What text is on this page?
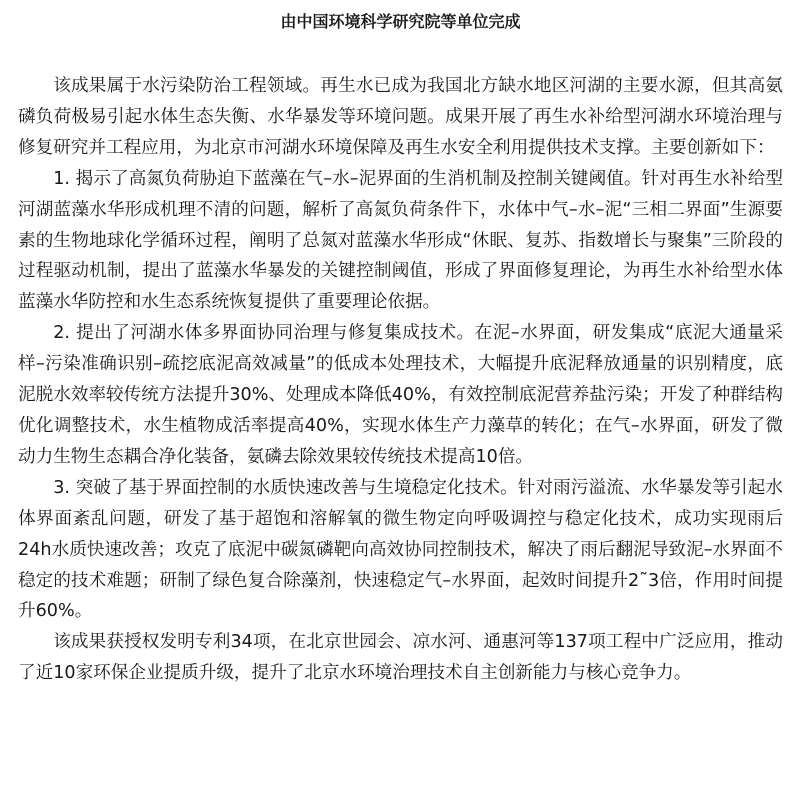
由中国环境科学研究院等单位完成

该成果属于水污染防治工程领域。再生水已成为我国北方缺水地区河湖的主要水源，但其高氨磷负荷极易引起水体生态失衡、水华暴发等环境问题。成果开展了再生水补给型河湖水环境治理与修复研究并工程应用，为北京市河湖水环境保障及再生水安全利用提供技术支撑。主要创新如下：

1. 揭示了高氮负荷胁迫下蓝藻在气–水–泥界面的生消机制及控制关键阈值。针对再生水补给型河湖蓝藻水华形成机理不清的问题，解析了高氮负荷条件下，水体中气–水–泥“三相二界面”生源要素的生物地球化学循环过程，阐明了总氮对蓝藻水华形成“休眠、复苏、指数增长与聚集”三阶段的过程驱动机制，提出了蓝藻水华暴发的关键控制阈值，形成了界面修复理论，为再生水补给型水体蓝藻水华防控和水生态系统恢复提供了重要理论依据。

2. 提出了河湖水体多界面协同治理与修复集成技术。在泥–水界面，研发集成“底泥大通量采样–污染准确识别–疏挖底泥高效减量”的低成本处理技术，大幅提升底泥释放通量的识别精度，底泥脱水效率较传统方法提升30%、处理成本降低40%，有效控制底泥营养盐污染；开发了种群结构优化调整技术，水生植物成活率提高40%，实现水体生产力藻草的转化；在气–水界面，研发了微动力生物生态耦合净化装备，氨磷去除效果较传统技术提高10倍。

3. 突破了基于界面控制的水质快速改善与生境稳定化技术。针对雨污溢流、水华暴发等引起水体界面紊乱问题，研发了基于超饱和溶解氧的微生物定向呼吸调控与稳定化技术，成功实现雨后24h水质快速改善；攻克了底泥中碳氮磷靶向高效协同控制技术，解决了雨后翻泥导致泥–水界面不稳定的技术难题；研制了绿色复合除藻剂，快速稳定气–水界面，起效时间提升2˜3倍，作用时间提升60%。

该成果获授权发明专利34项，在北京世园会、凉水河、通惠河等137项工程中广泛应用，推动了近10家环保企业提质升级，提升了北京水环境治理技术自主创新能力与核心竞争力。
